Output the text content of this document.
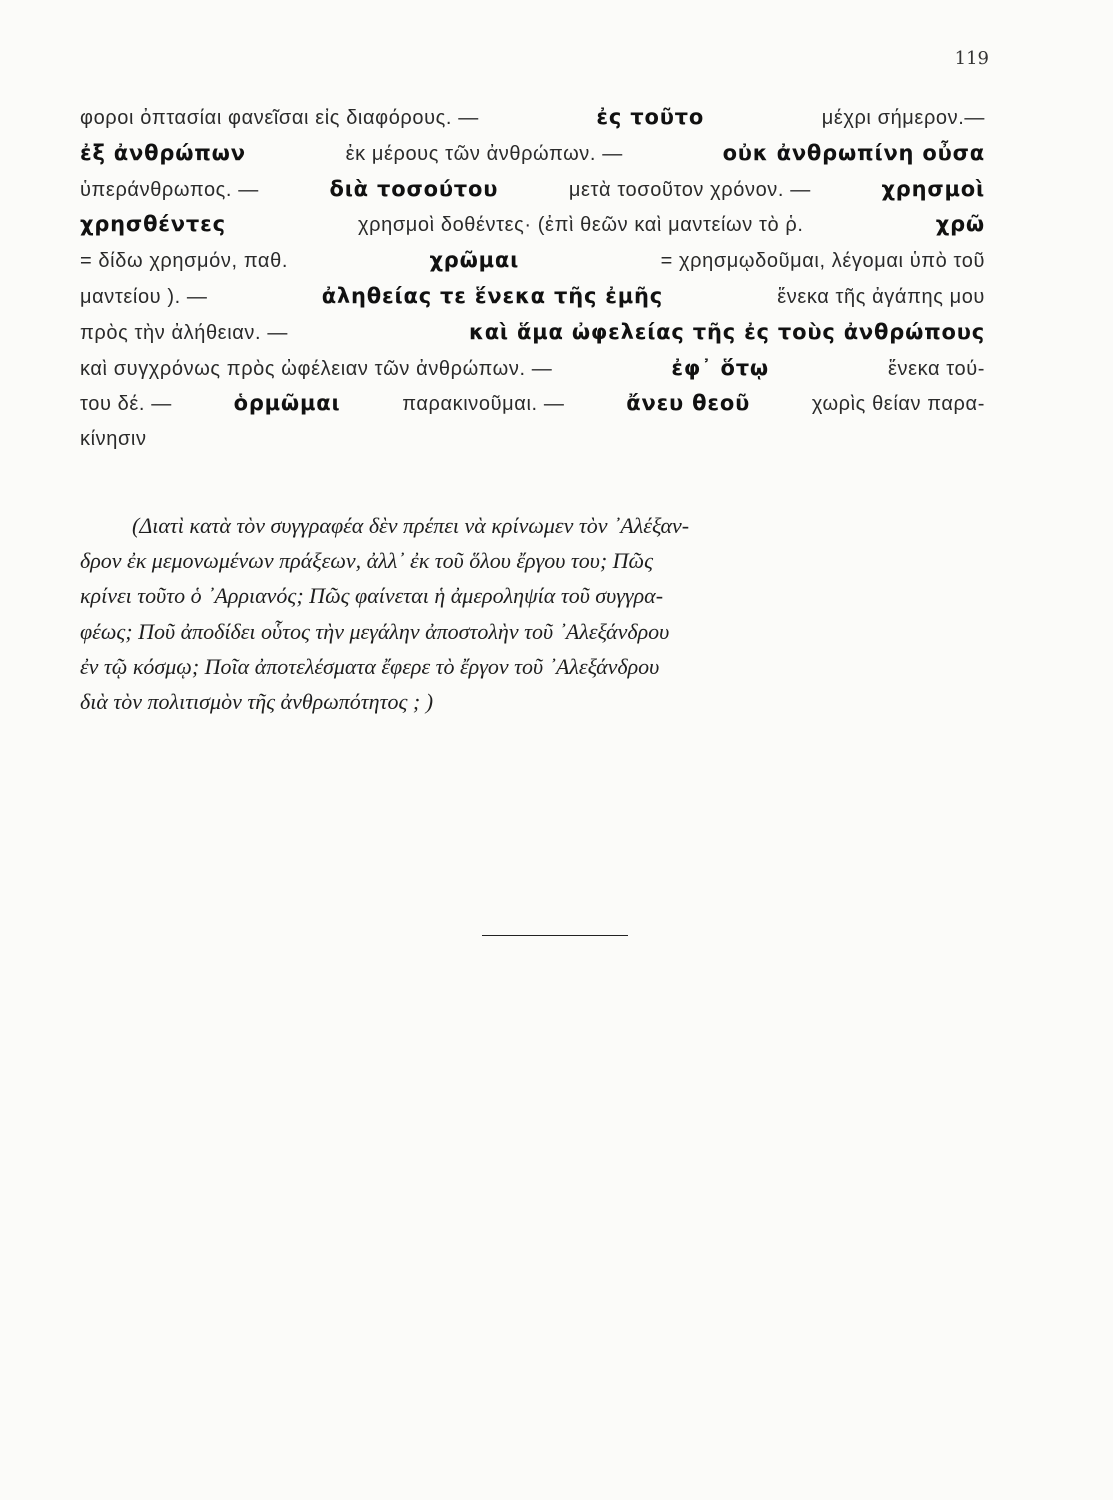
119
φοροι ὀπτασίαι φανεῖσαι εἰς διαφόρους. —	ἐς τοῦτο	μέχρι σήμερον.—
ἐξ ἀνθρώπων	ἐκ μέρους τῶν ἀνθρώπων. —	οὐκ ἀνθρωπίνη οὖσα
ὑπεράνθρωπος. —	διὰ τοσούτου	μετὰ τοσοῦτον χρόνον. —	χρησμοὶ
χρησθέντες	χρησμοὶ δοθέντες· (ἐπὶ θεῶν καὶ μαντείων τὸ ῥ.	χρῶ
= δίδω χρησμόν, παθ.	χρῶμαι	= χρησμῳδοῦμαι, λέγομαι ὑπὸ τοῦ
μαντείου ). —	ἀληθείας τε ἕνεκα τῆς ἐμῆς	ἕνεκα τῆς ἀγάπης μου
πρὸς τὴν ἀλήθειαν. —	καὶ ἅμα ὠφελείας τῆς ἐς τοὺς ἀνθρώπους
καὶ συγχρόνως πρὸς ὠφέλειαν τῶν ἀνθρώπων. —	ἐφ᾽ ὅτῳ	ἕνεκα τού-
του δέ. —	ὁρμῶμαι	παρακινοῦμαι. —	ἄνευ θεοῦ	χωρὶς θείαν παρα-
κίνησιν
(Διατὶ κατὰ τὸν συγγραφέα δὲν πρέπει νὰ κρίνωμεν τὸν ᾽Αλέξαν-
δρον ἐκ μεμονωμένων πράξεων, ἀλλ᾽ ἐκ τοῦ ὅλου ἔργου του; Πῶς
κρίνει τοῦτο ὁ ᾽Αρριανός; Πῶς φαίνεται ἡ ἀμεροληψία τοῦ συγγρα-
φέως; Ποῦ ἀποδίδει οὗτος τὴν μεγάλην ἀποστολὴν τοῦ ᾽Αλεξάνδρου
ἐν τῷ κόσμῳ; Ποῖα ἀποτελέσματα ἔφερε τὸ ἔργον τοῦ ᾽Αλεξάνδρου
διὰ τὸν πολιτισμὸν τῆς ἀνθρωπότητος ; )
